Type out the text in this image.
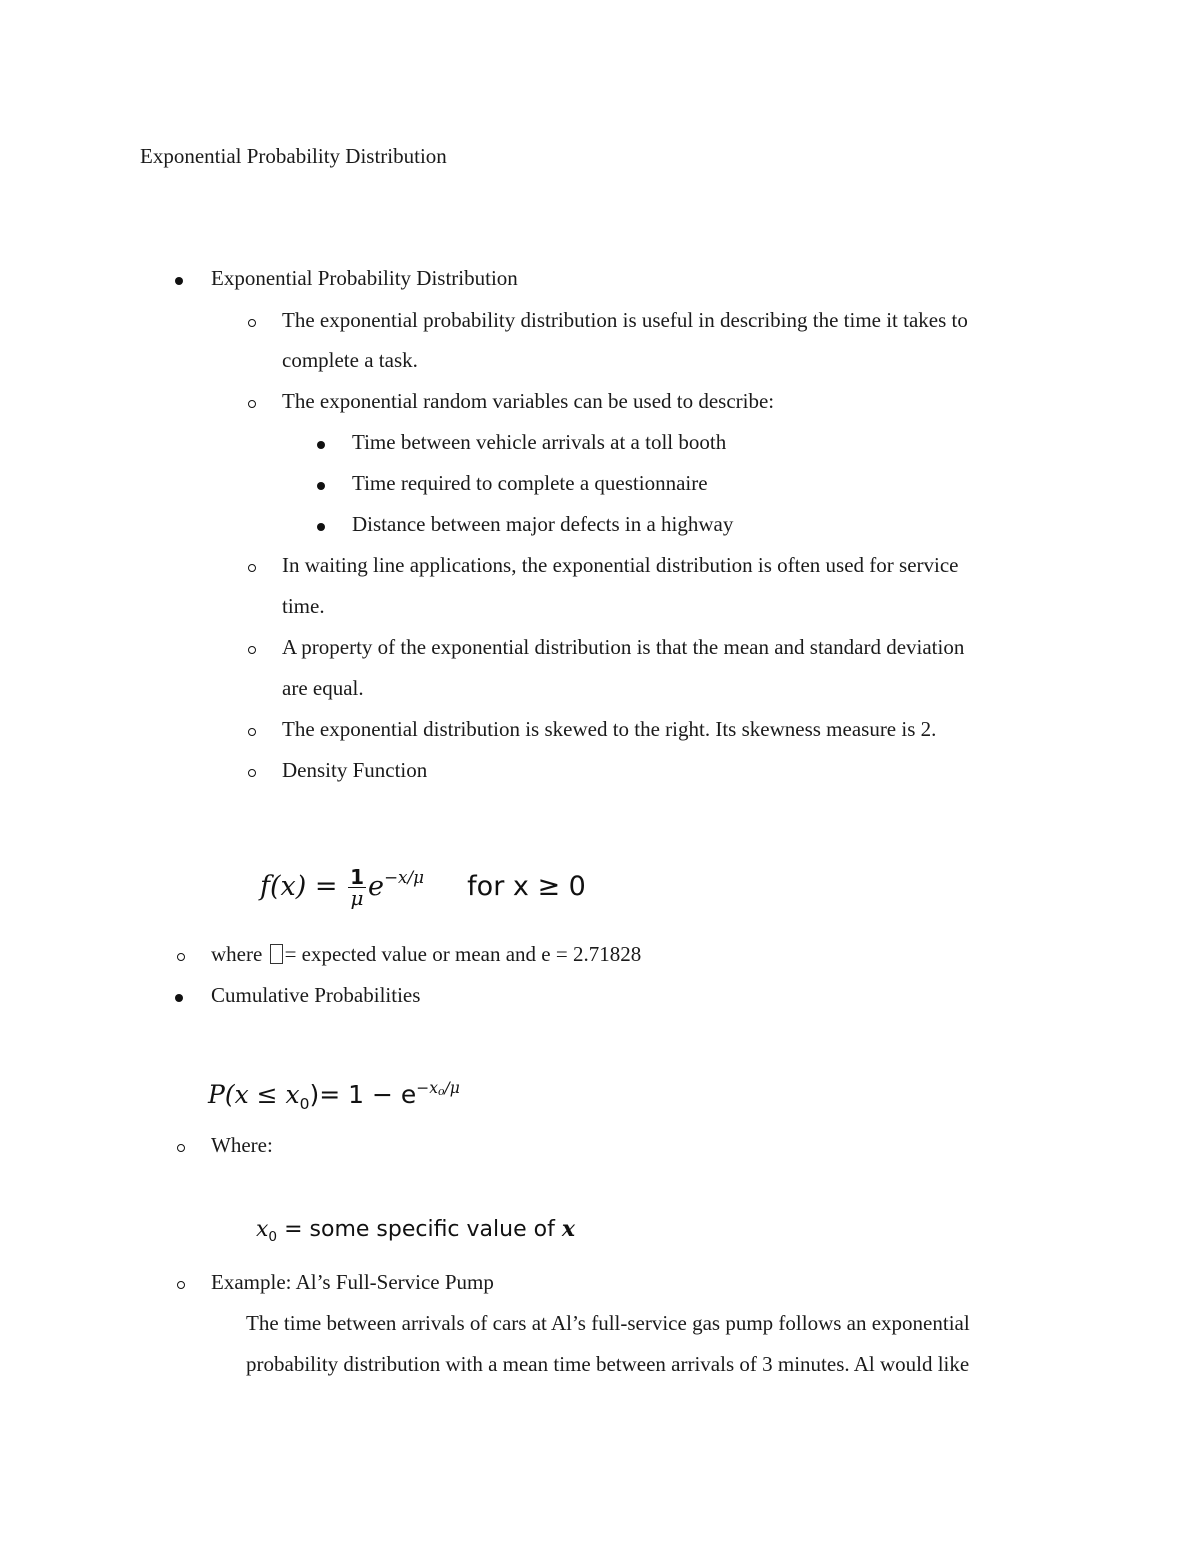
Exponential Probability Distribution
Exponential Probability Distribution
The exponential probability distribution is useful in describing the time it takes to
complete a task.
The exponential random variables can be used to describe:
Time between vehicle arrivals at a toll booth
Time required to complete a questionnaire
Distance between major defects in a highway
In waiting line applications, the exponential distribution is often used for service
time.
A property of the exponential distribution is that the mean and standard deviation
are equal.
The exponential distribution is skewed to the right. Its skewness measure is 2.
Density Function
$f(x) = \frac{1}{\mu} e^{-x/\mu}$ for x ≥ 0
where = expected value or mean and e = 2.71828
Cumulative Probabilities
$P(x \le x_0)= 1 - e^{-x_o/\mu}$
Where:
$x_0$ = some specific value of x
Example: Al’s Full-Service Pump
The time between arrivals of cars at Al’s full-service gas pump follows an exponential
probability distribution with a mean time between arrivals of 3 minutes. Al would like
